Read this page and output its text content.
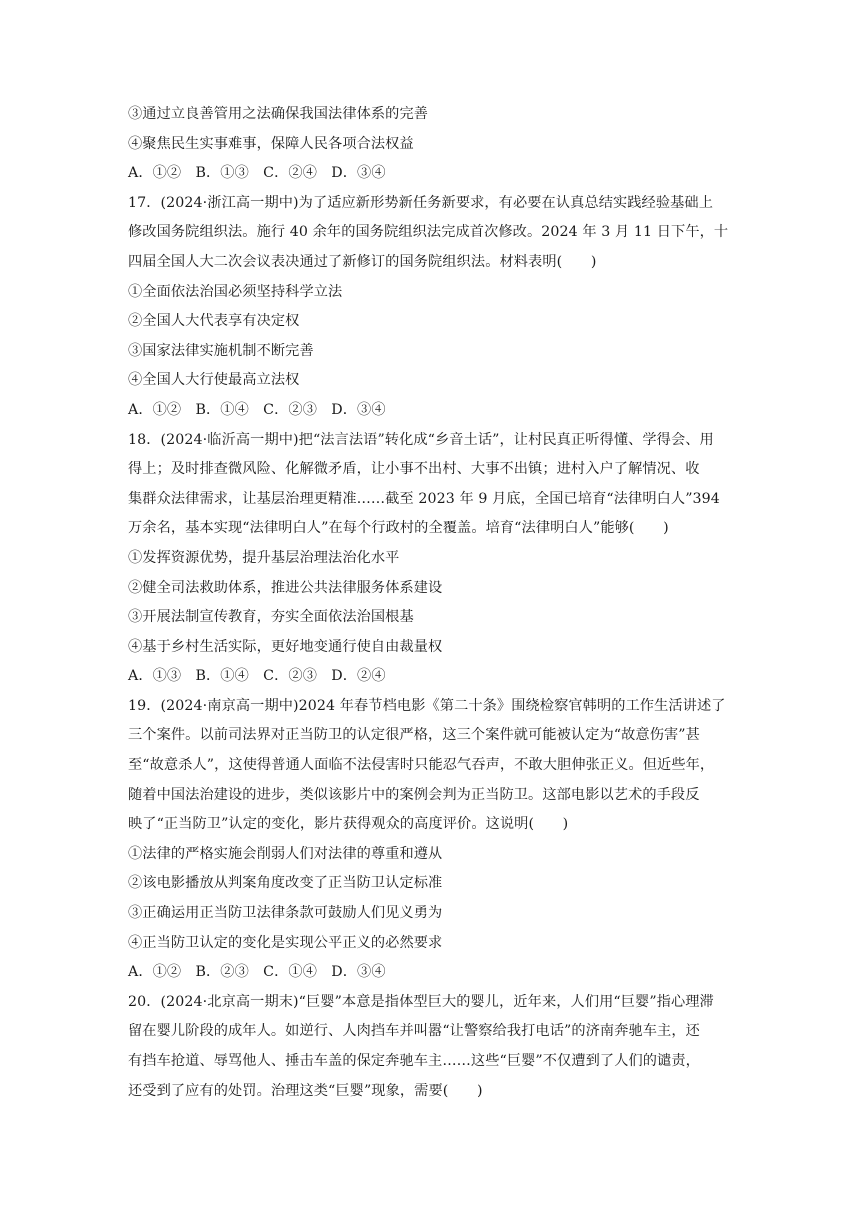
③通过立良善管用之法确保我国法律体系的完善
④聚焦民生实事难事，保障人民各项合法权益
A．①②　B．①③　C．②④　D．③④
17．(2024·浙江高一期中)为了适应新形势新任务新要求，有必要在认真总结实践经验基础上
修改国务院组织法。施行 40 余年的国务院组织法完成首次修改。2024 年 3 月 11 日下午，十
四届全国人大二次会议表决通过了新修订的国务院组织法。材料表明(　　)
①全面依法治国必须坚持科学立法
②全国人大代表享有决定权
③国家法律实施机制不断完善
④全国人大行使最高立法权
A．①②　B．①④　C．②③　D．③④
18．(2024·临沂高一期中)把“法言法语”转化成“乡音土话”，让村民真正听得懂、学得会、用
得上；及时排查微风险、化解微矛盾，让小事不出村、大事不出镇；进村入户了解情况、收
集群众法律需求，让基层治理更精准……截至 2023 年 9 月底，全国已培育“法律明白人”394
万余名，基本实现“法律明白人”在每个行政村的全覆盖。培育“法律明白人”能够(　　)
①发挥资源优势，提升基层治理法治化水平
②健全司法救助体系，推进公共法律服务体系建设
③开展法制宣传教育，夯实全面依法治国根基
④基于乡村生活实际，更好地变通行使自由裁量权
A．①③　B．①④　C．②③　D．②④
19．(2024·南京高一期中)2024 年春节档电影《第二十条》围绕检察官韩明的工作生活讲述了
三个案件。以前司法界对正当防卫的认定很严格，这三个案件就可能被认定为“故意伤害”甚
至“故意杀人”，这使得普通人面临不法侵害时只能忍气吞声，不敢大胆伸张正义。但近些年，
随着中国法治建设的进步，类似该影片中的案例会判为正当防卫。这部电影以艺术的手段反
映了“正当防卫”认定的变化，影片获得观众的高度评价。这说明(　　)
①法律的严格实施会削弱人们对法律的尊重和遵从
②该电影播放从判案角度改变了正当防卫认定标准
③正确运用正当防卫法律条款可鼓励人们见义勇为
④正当防卫认定的变化是实现公平正义的必然要求
A．①②　B．②③　C．①④　D．③④
20．(2024·北京高一期末)“巨婴”本意是指体型巨大的婴儿，近年来，人们用“巨婴”指心理滞
留在婴儿阶段的成年人。如逆行、人肉挡车并叫嚣“让警察给我打电话”的济南奔驰车主，还
有挡车抢道、辱骂他人、捶击车盖的保定奔驰车主……这些“巨婴”不仅遭到了人们的谴责，
还受到了应有的处罚。治理这类“巨婴”现象，需要(　　)
